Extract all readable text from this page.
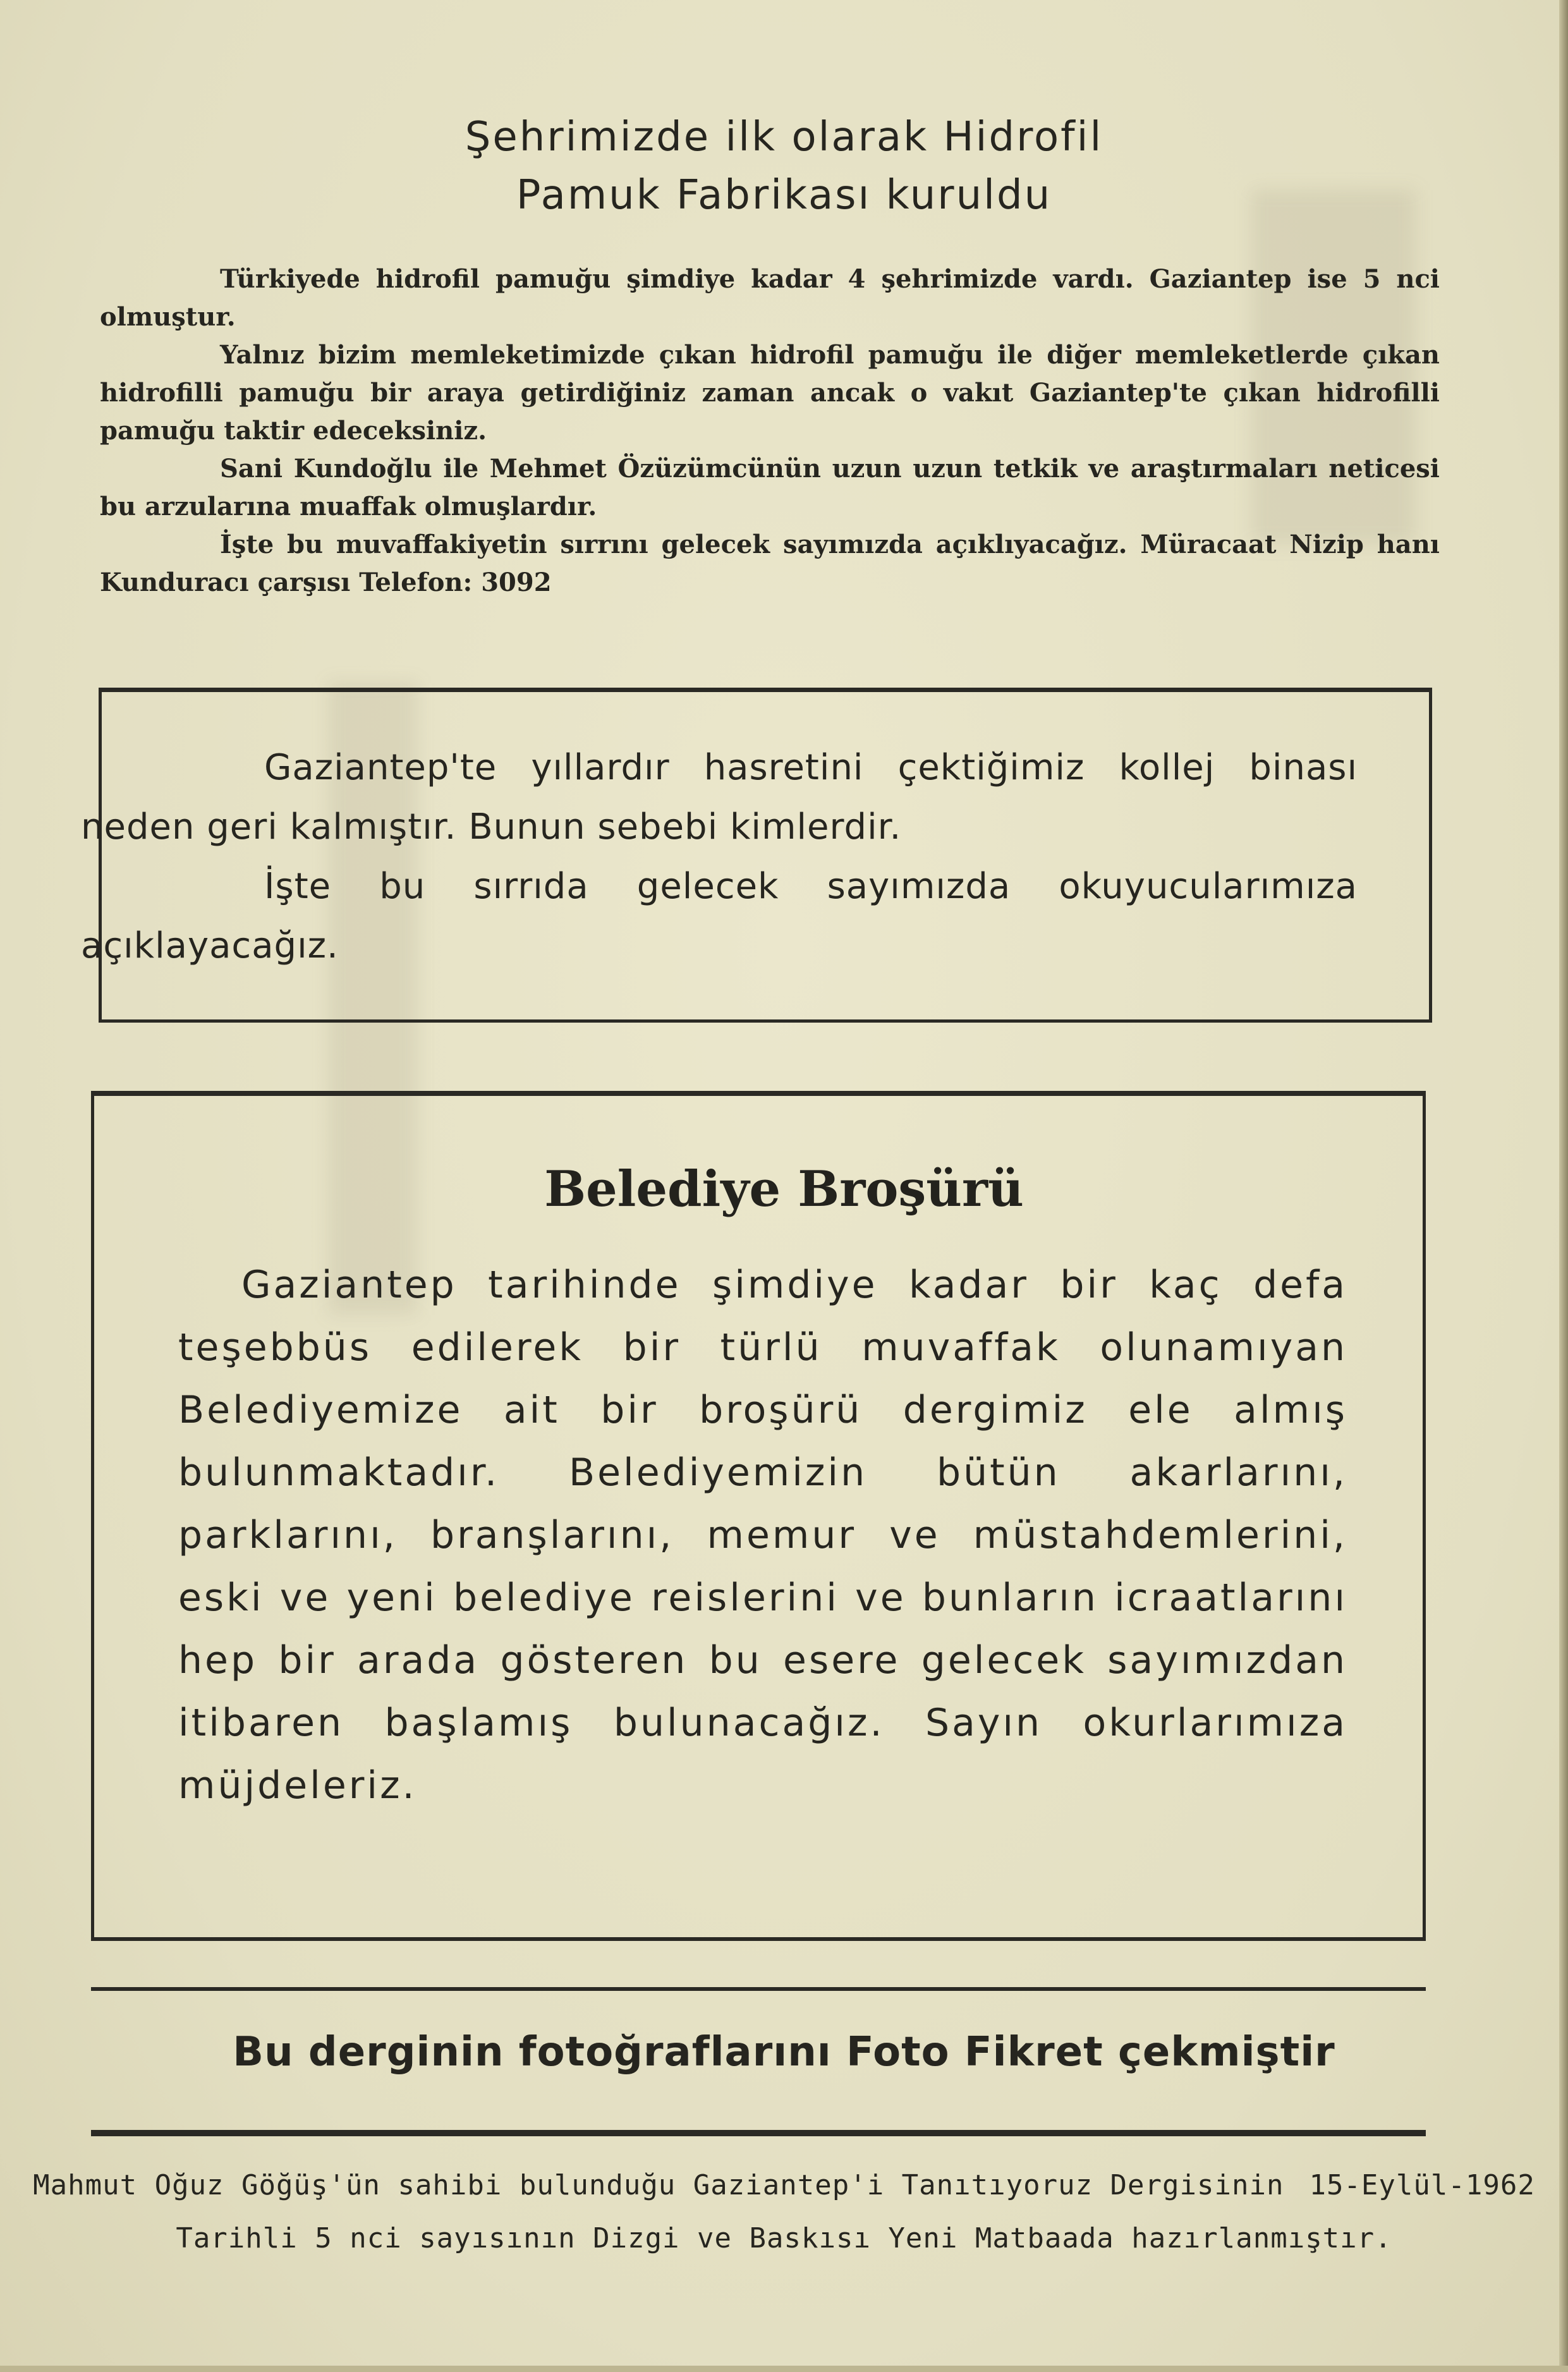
Şehrimizde ilk olarak Hidrofil
Pamuk Fabrikası kuruldu

Türkiyede hidrofil pamuğu şimdiye kadar 4 şehrimizde vardı. Gaziantep ise 5 nci olmuştur.

Yalnız bizim memleketimizde çıkan hidrofil pamuğu ile diğer memleketlerde çıkan hidrofilli pamuğu bir araya getirdiğiniz zaman ancak o vakıt Gaziantep'te çıkan hidrofilli pamuğu taktir edeceksiniz.

Sani Kundoğlu ile Mehmet Özüzümcünün uzun uzun tetkik ve araştırmaları neticesi bu arzularına muaffak olmuşlardır.

İşte bu muvaffakiyetin sırrını gelecek sayımızda açıklıyacağız. Müracaat Nizip hanı Kunduracı çarşısı Telefon: 3092

Gaziantep'te yıllardır hasretini çektiğimiz kollej binası neden geri kalmıştır. Bunun sebebi kimlerdir.

İşte bu sırrıda gelecek sayımızda okuyucularımıza açıklayacağız.

Belediye Broşürü

Gaziantep tarihinde şimdiye kadar bir kaç defa teşebbüs edilerek bir türlü muvaffak olunamıyan Belediyemize ait bir broşürü dergimiz ele almış bulunmaktadır. Belediyemizin bütün akarlarını, parklarını, branşlarını, memur ve müstahdemlerini, eski ve yeni belediye reislerini ve bunların icraatlarını hep bir arada gösteren bu esere gelecek sayımızdan itibaren başlamış bulunacağız. Sayın okurlarımıza müjdeleriz.

Bu derginin fotoğraflarını Foto Fikret çekmiştir
Mahmut Oğuz Göğüş'ün sahibi bulunduğu Gaziantep'i Tanıtıyoruz Dergisinin 15-Eylül-1962
Tarihli 5 nci sayısının Dizgi ve Baskısı Yeni Matbaada hazırlanmıştır.
